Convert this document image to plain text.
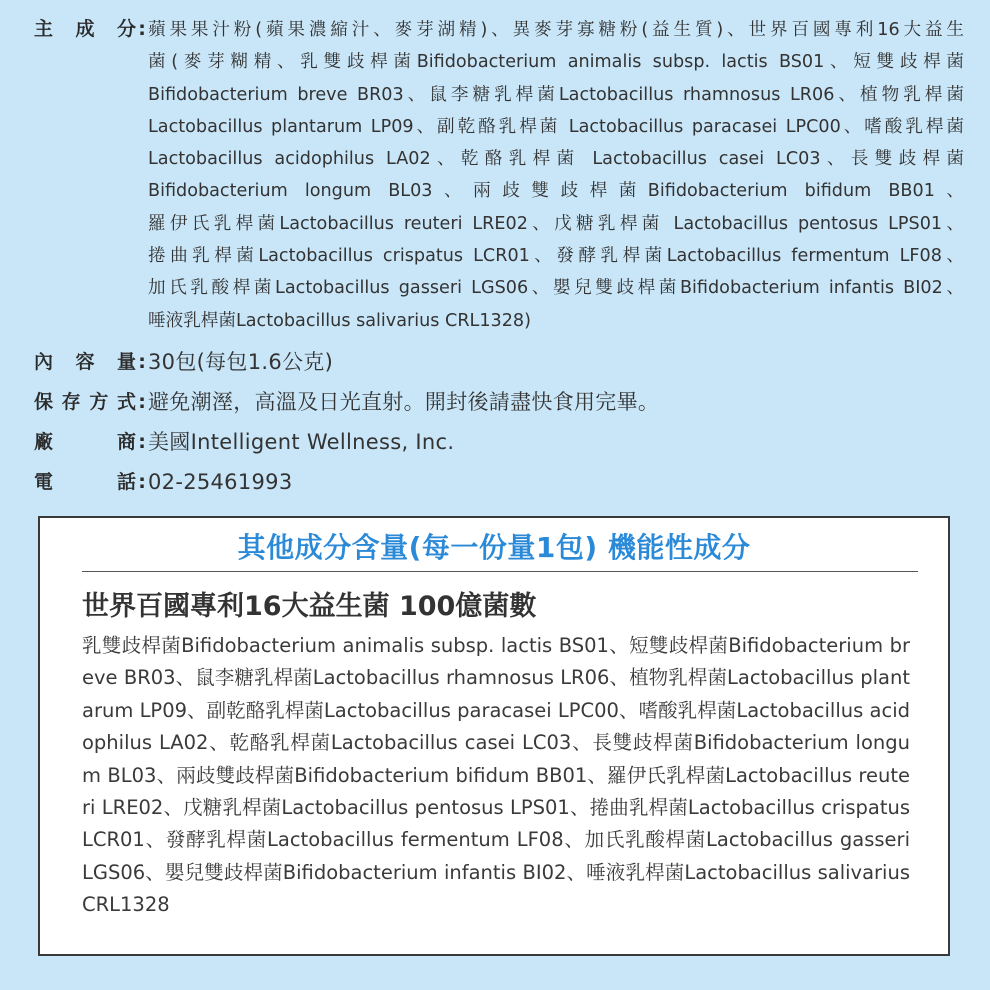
主 成 分 : 蘋果果汁粉(蘋果濃縮汁、麥芽湖精)、異麥芽寡糖粉(益生質)、世界百國專利16大益生
菌(麥芽糊精、乳雙歧桿菌Bifidobacterium animalis subsp. lactis BS01、短雙歧桿菌
Bifidobacterium breve BR03、鼠李糖乳桿菌Lactobacillus rhamnosus LR06、植物乳桿菌
Lactobacillus plantarum LP09、副乾酪乳桿菌 Lactobacillus paracasei LPC00、嗜酸乳桿菌
Lactobacillus acidophilus LA02、乾酪乳桿菌 Lactobacillus casei LC03、長雙歧桿菌
Bifidobacterium longum BL03、兩歧雙歧桿菌Bifidobacterium bifidum BB01、
羅伊氏乳桿菌Lactobacillus reuteri LRE02、戊糖乳桿菌 Lactobacillus pentosus LPS01、
捲曲乳桿菌Lactobacillus crispatus LCR01、發酵乳桿菌Lactobacillus fermentum LF08、
加氏乳酸桿菌Lactobacillus gasseri LGS06、嬰兒雙歧桿菌Bifidobacterium infantis BI02、
唾液乳桿菌Lactobacillus salivarius CRL1328)
內 容 量 : 30包(每包1.6公克)
保 存 方 式 : 避免潮溼，高溫及日光直射。開封後請盡快食用完畢。
廠	商 : 美國Intelligent Wellness, Inc.
電	話 : 02-25461993
其他成分含量(每一份量1包) 機能性成分
世界百國專利16大益生菌 100億菌數
乳雙歧桿菌Bifidobacterium animalis subsp. lactis BS01、短雙歧桿菌Bifidobacterium breve BR03、鼠李糖乳桿菌Lactobacillus rhamnosus LR06、植物乳桿菌Lactobacillus plantarum LP09、副乾酪乳桿菌Lactobacillus paracasei LPC00、嗜酸乳桿菌Lactobacillus acidophilus LA02、乾酪乳桿菌Lactobacillus casei LC03、長雙歧桿菌Bifidobacterium longum BL03、兩歧雙歧桿菌Bifidobacterium bifidum BB01、羅伊氏乳桿菌Lactobacillus reuteri LRE02、戊糖乳桿菌Lactobacillus pentosus LPS01、捲曲乳桿菌Lactobacillus crispatus LCR01、發酵乳桿菌Lactobacillus fermentum LF08、加氏乳酸桿菌Lactobacillus gasseri LGS06、嬰兒雙歧桿菌Bifidobacterium infantis BI02、唾液乳桿菌Lactobacillus salivarius CRL1328
